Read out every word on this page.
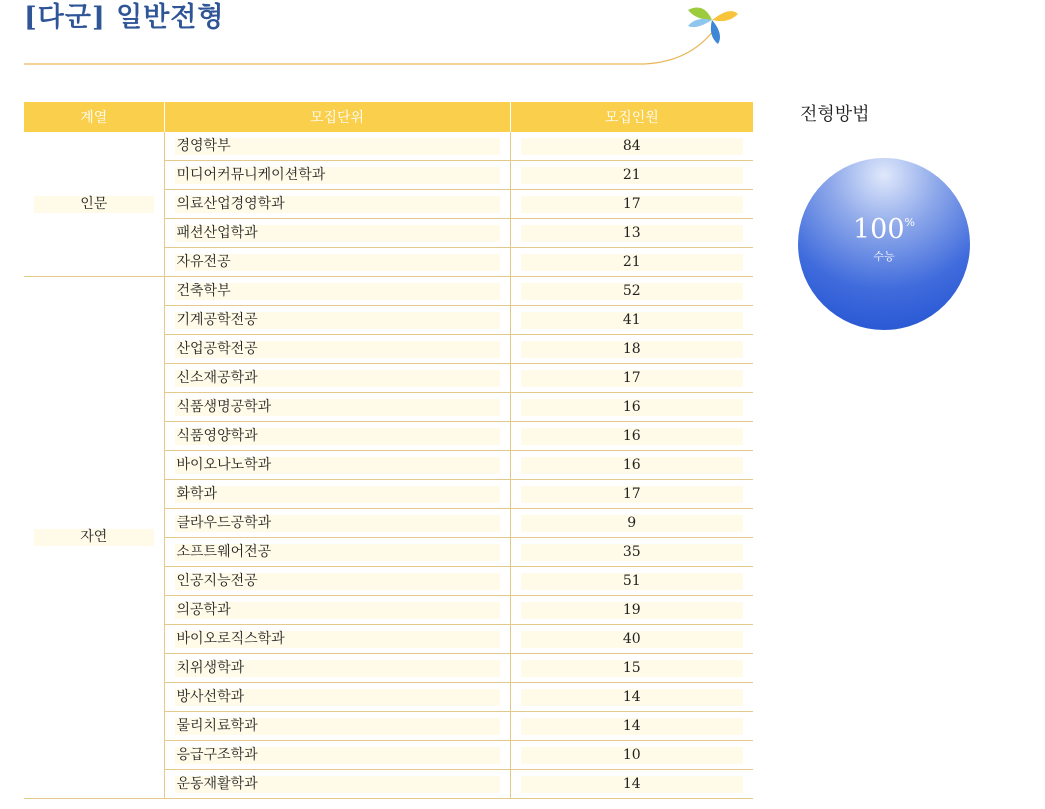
[다군] 일반전형
계열	모집단위	모집인원

인문	경영학부	84

	미디어커뮤니케이션학과	21

	의료산업경영학과	17

	패션산업학과	13

	자유전공	21

자연	건축학부	52

	기계공학전공	41

	산업공학전공	18

	신소재공학과	17

	식품생명공학과	16

	식품영양학과	16

	바이오나노학과	16

	화학과	17

	클라우드공학과	9

	소프트웨어전공	35

	인공지능전공	51

	의공학과	19

	바이오로직스학과	40

	치위생학과	15

	방사선학과	14

	물리치료학과	14

	응급구조학과	10

	운동재활학과	14
전형방법
100%
수능
